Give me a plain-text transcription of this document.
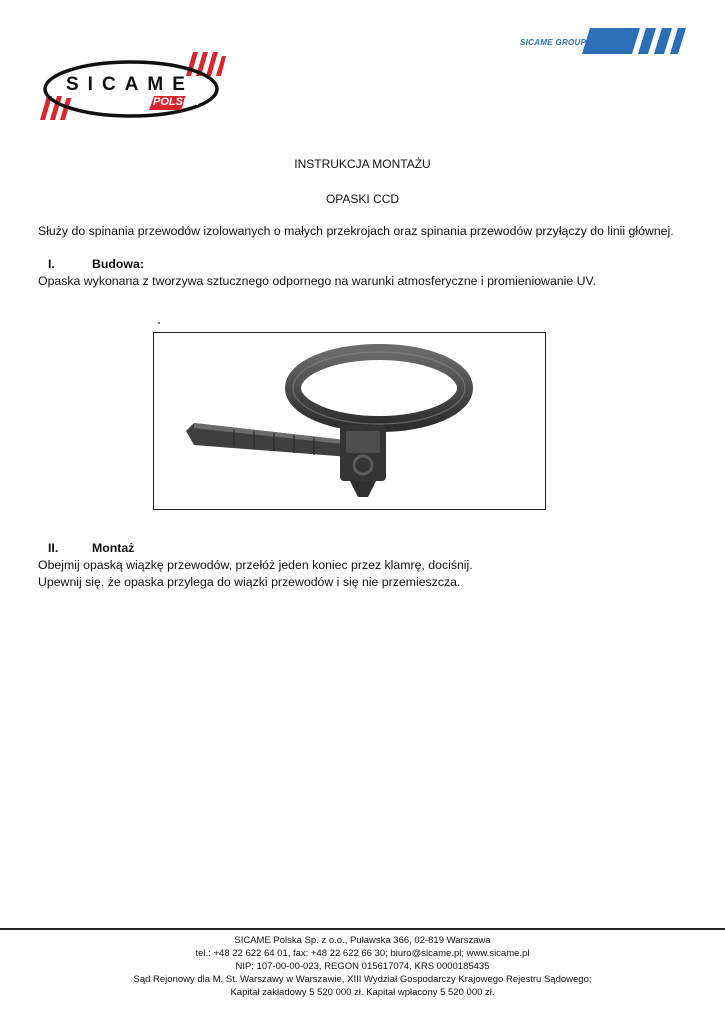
SICAME
POLSKA
SICAME GROUP
INSTRUKCJA MONTAŻU
OPASKI CCD
Służy do spinania przewodów izolowanych o małych przekrojach oraz spinania przewodów przyłączy do linii głównej.
I.	Budowa:
Opaska wykonana z tworzywa sztucznego odpornego na warunki atmosferyczne i promieniowanie UV.
II.	Montaż
Obejmij opaską wiązkę przewodów, przełóż jeden koniec przez klamrę, dociśnij.
Upewnij się, że opaska przylega do wiązki przewodów i się nie przemieszcza.
SICAME Polska Sp. z o.o., Puławska 366, 02-819 Warszawa
tel.: +48 22 622 64 01, fax: +48 22 622 66 30; biuro@sicame.pl; www.sicame.pl
NIP: 107-00-00-023, REGON 015617074, KRS 0000185435
Sąd Rejonowy dla M. St. Warszawy w Warszawie, XIII Wydział Gospodarczy Krajowego Rejestru Sądowego;
Kapitał zakładowy 5 520 000 zł. Kapitał wpłacony 5 520 000 zł.
